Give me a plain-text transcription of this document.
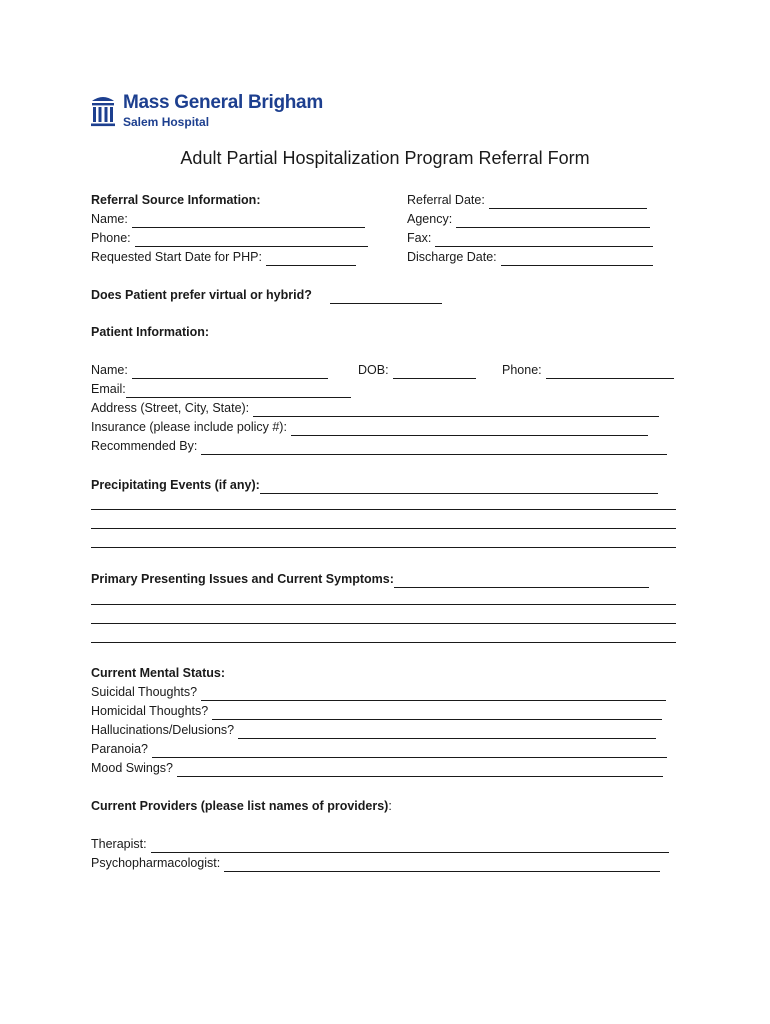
Mass General Brigham
Salem Hospital
Adult Partial Hospitalization Program Referral Form
Referral Source Information:
Name:
Phone:
Requested Start Date for PHP:
Referral Date:
Agency:
Fax:
Discharge Date:
Does Patient prefer virtual or hybrid?
Patient Information:
Name:	DOB:	Phone:
Email:
Address (Street, City, State):
Insurance (please include policy #):
Recommended By:
Precipitating Events (if any):
Primary Presenting Issues and Current Symptoms:
Current Mental Status:
Suicidal Thoughts?
Homicidal Thoughts?
Hallucinations/Delusions?
Paranoia?
Mood Swings?
Current Providers (please list names of providers) :
Therapist:
Psychopharmacologist:
